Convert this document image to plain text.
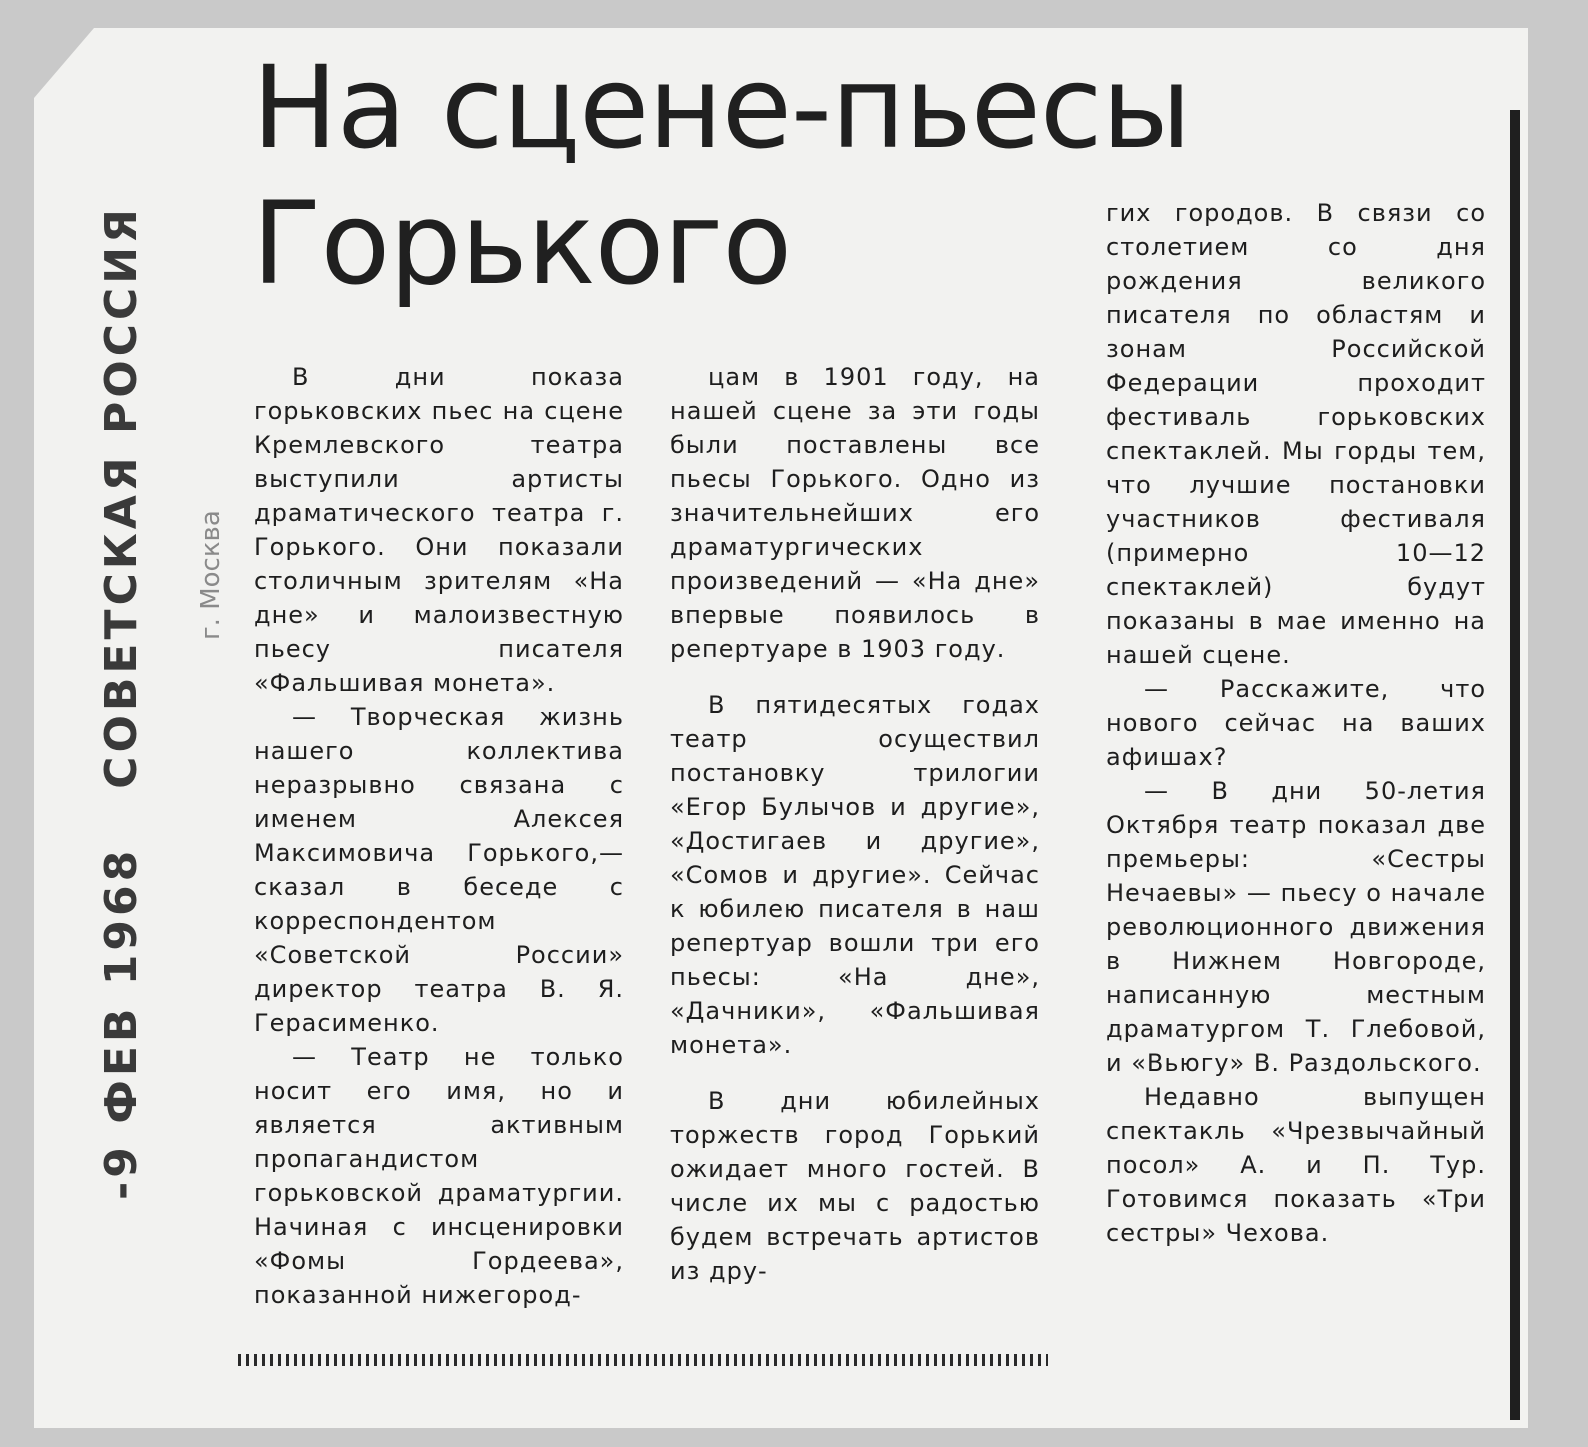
-9 ФЕВ 1968   СОВЕТСКАЯ РОССИЯ г. Москва
На сцене-пьесы Горького

В дни показа горьковских пьес на сцене Кремлевского театра выступили артисты драматического театра г. Горького. Они показали столичным зрителям «На дне» и малоизвестную пьесу писателя «Фальшивая монета».

— Творческая жизнь нашего коллектива неразрывно связана с именем Алексея Максимовича Горького,— сказал в беседе с корреспондентом «Советской России» директор театра В. Я. Герасименко.

— Театр не только носит его имя, но и является активным пропагандистом горьковской драматургии. Начиная с инсценировки «Фомы Гордеева», показанной нижегород-

цам в 1901 году, на нашей сцене за эти годы были поставлены все пьесы Горького. Одно из значительнейших его драматургических произведений — «На дне» впервые появилось в репертуаре в 1903 году.

В пятидесятых годах театр осуществил постановку трилогии «Егор Булычов и другие», «Достигаев и другие», «Сомов и другие». Сейчас к юбилею писателя в наш репертуар вошли три его пьесы: «На дне», «Дачники», «Фальшивая монета».

В дни юбилейных торжеств город Горький ожидает много гостей. В числе их мы с радостью будем встречать артистов из дру-

гих городов. В связи со столетием со дня рождения великого писателя по областям и зонам Российской Федерации проходит фестиваль горьковских спектаклей. Мы горды тем, что лучшие постановки участников фестиваля (примерно 10—12 спектаклей) будут показаны в мае именно на нашей сцене.

— Расскажите, что нового сейчас на ваших афишах?

— В дни 50-летия Октября театр показал две премьеры: «Сестры Нечаевы» — пьесу о начале революционного движения в Нижнем Новгороде, написанную местным драматургом Т. Глебовой, и «Вьюгу» В. Раздольского.

Недавно выпущен спектакль «Чрезвычайный посол» А. и П. Тур. Готовимся показать «Три сестры» Чехова.
